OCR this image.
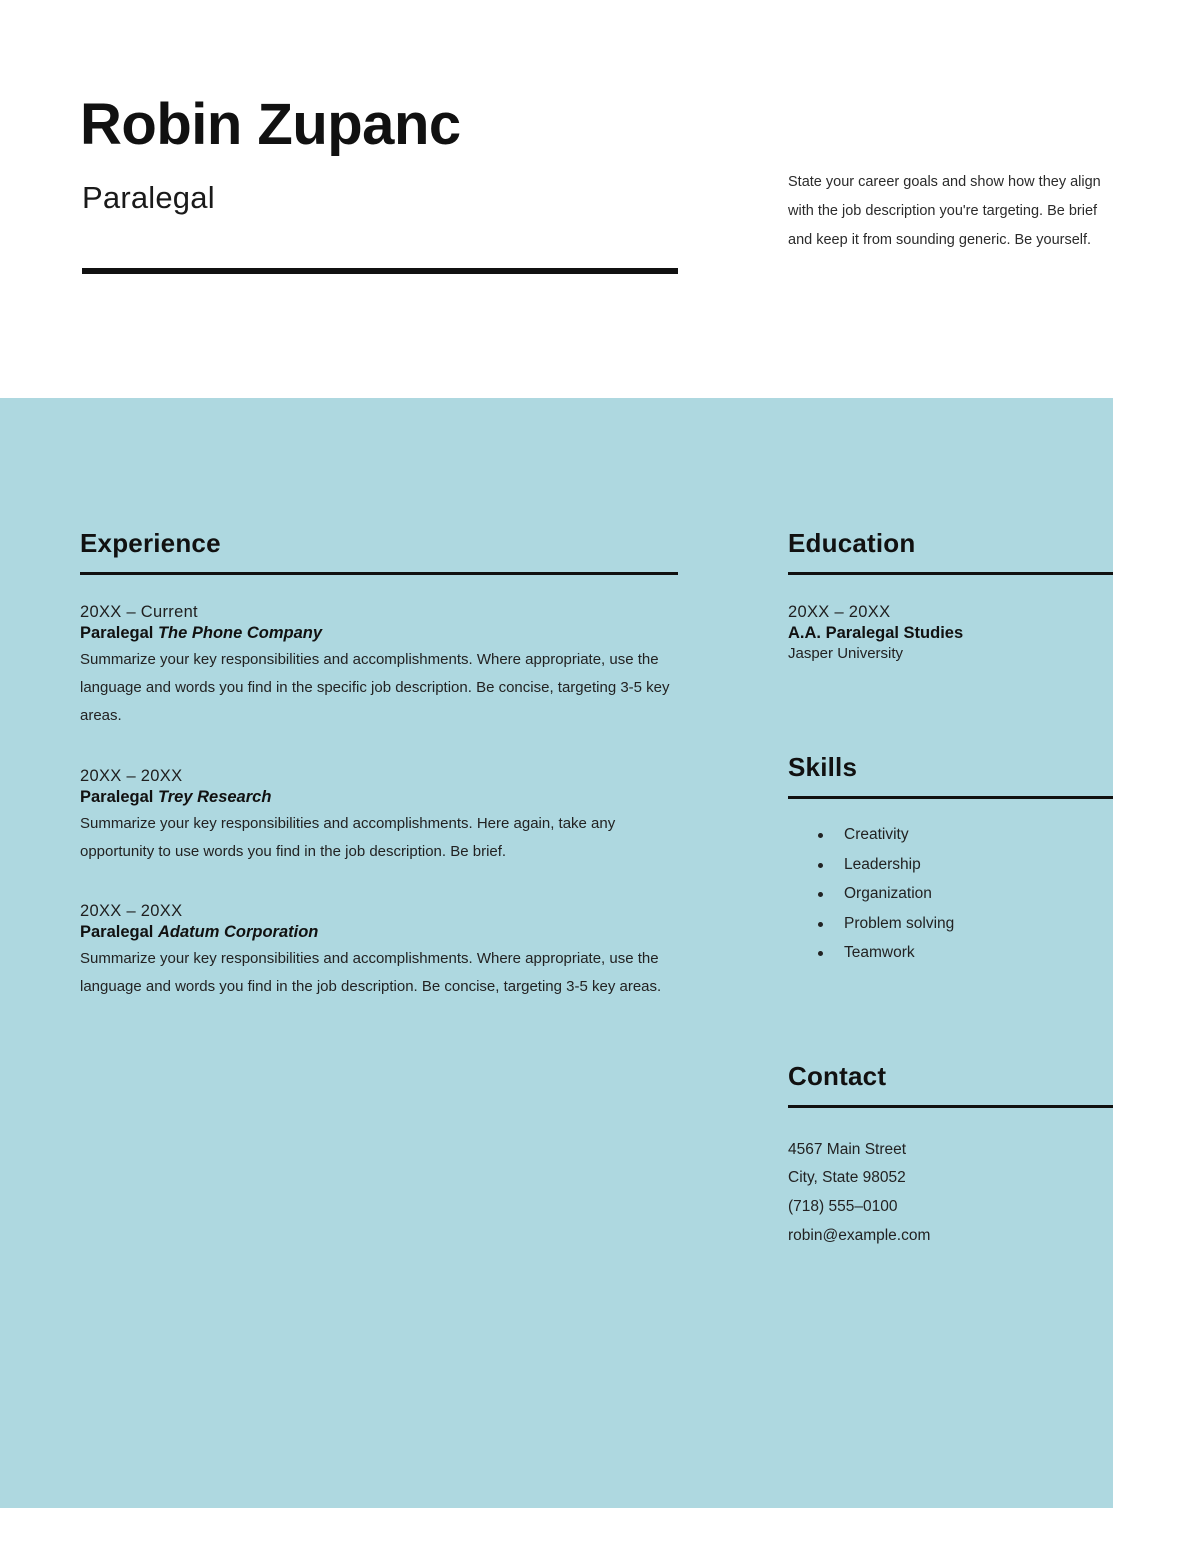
Robin Zupanc
Paralegal	State your career goals and show how they align with the job description you're targeting. Be brief and keep it from sounding generic. Be yourself.
Experience
20XX – Current
Paralegal The Phone Company
Summarize your key responsibilities and accomplishments. Where appropriate, use the language and words you find in the specific job description. Be concise, targeting 3-5 key areas.
20XX – 20XX
Paralegal Trey Research
Summarize your key responsibilities and accomplishments. Here again, take any opportunity to use words you find in the job description. Be brief.
20XX – 20XX
Paralegal Adatum Corporation
Summarize your key responsibilities and accomplishments. Where appropriate, use the language and words you find in the job description. Be concise, targeting 3-5 key areas.
Education
20XX – 20XX
A.A. Paralegal Studies
Jasper University
Skills
Creativity
Leadership
Organization
Problem solving
Teamwork
Contact
4567 Main Street
City, State 98052
(718) 555–0100
robin@example.com
